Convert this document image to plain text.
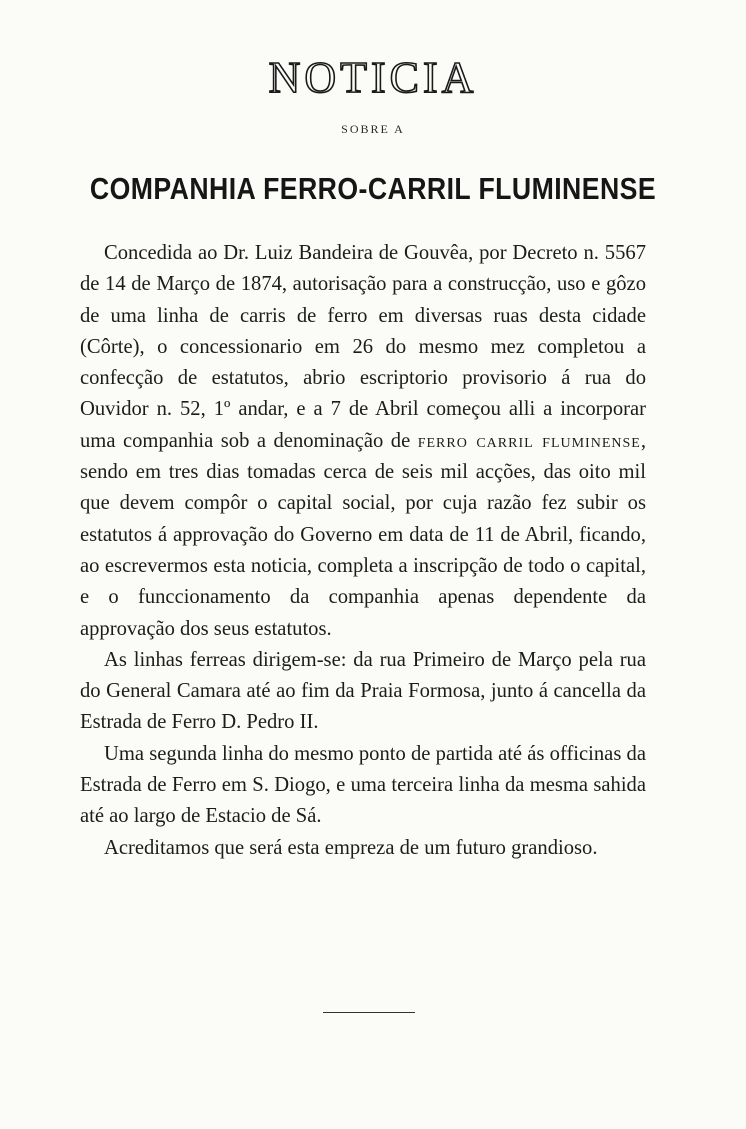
NOTICIA
SOBRE A
COMPANHIA FERRO-CARRIL FLUMINENSE

Concedida ao Dr. Luiz Bandeira de Gouvêa, por Decreto n. 5567 de 14 de Março de 1874, autorisação para a construcção, uso e gôzo de uma linha de carris de ferro em diversas ruas desta cidade (Côrte), o concessionario em 26 do mesmo mez completou a confecção de estatutos, abrio escriptorio provisorio á rua do Ouvidor n. 52, 1º andar, e a 7 de Abril começou alli a incorporar uma companhia sob a denominação de ferro carril fluminense, sendo em tres dias tomadas cerca de seis mil acções, das oito mil que devem compôr o capital social, por cuja razão fez subir os estatutos á approvação do Governo em data de 11 de Abril, ficando, ao escrevermos esta noticia, completa a inscripção de todo o capital, e o funccionamento da companhia apenas dependente da approvação dos seus estatutos.

As linhas ferreas dirigem-se: da rua Primeiro de Março pela rua do General Camara até ao fim da Praia Formosa, junto á cancella da Estrada de Ferro D. Pedro II.

Uma segunda linha do mesmo ponto de partida até ás officinas da Estrada de Ferro em S. Diogo, e uma terceira linha da mesma sahida até ao largo de Estacio de Sá.

Acreditamos que será esta empreza de um futuro grandioso.
